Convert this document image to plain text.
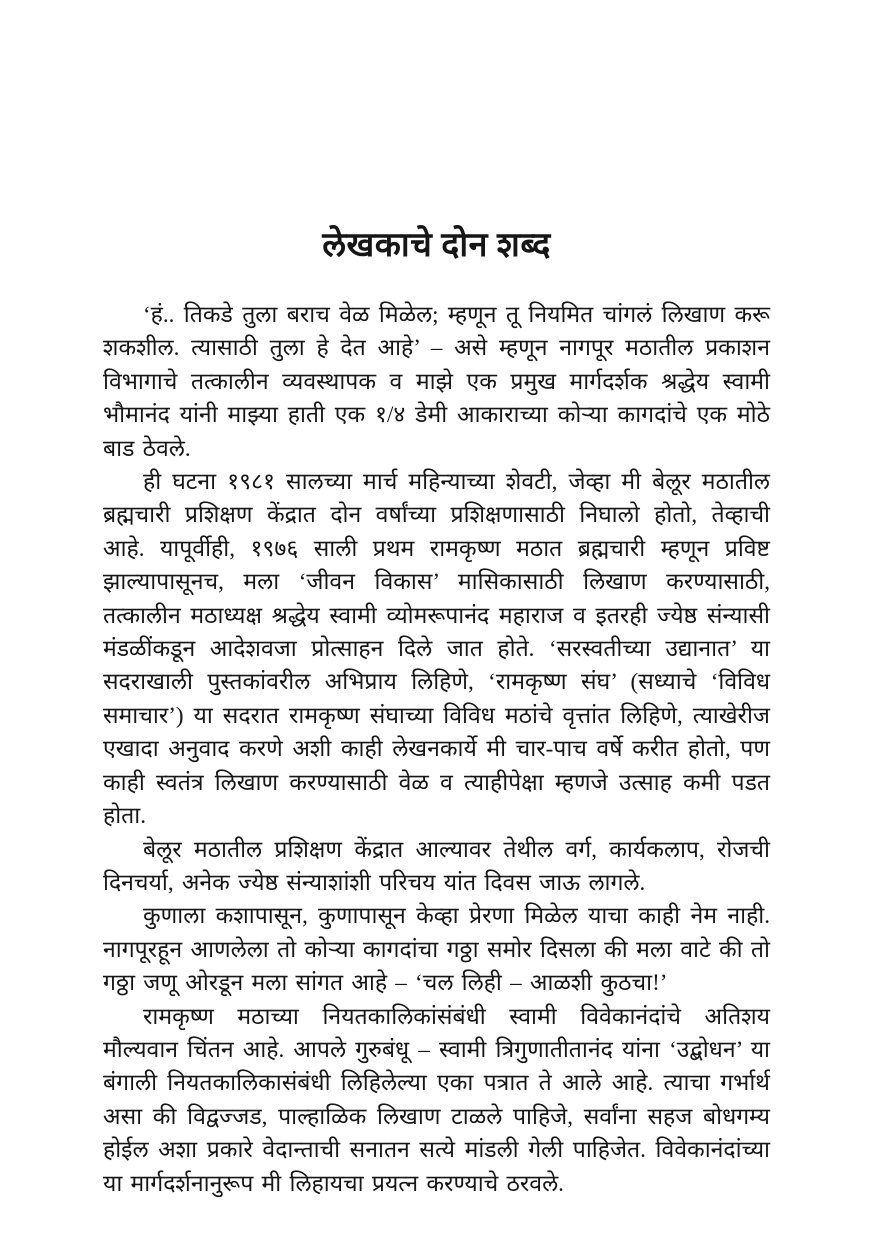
लेखकाचे दोन शब्द

‘हं.. तिकडे तुला बराच वेळ मिळेल; म्हणून तू नियमित चांगलं लिखाण करू शकशील. त्यासाठी तुला हे देत आहे’ – असे म्हणून नागपूर मठातील प्रकाशन विभागाचे तत्कालीन व्यवस्थापक व माझे एक प्रमुख मार्गदर्शक श्रद्धेय स्वामी भौमानंद यांनी माझ्या हाती एक १/४ डेमी आकाराच्या कोऱ्या कागदांचे एक मोठे बाड ठेवले.

ही घटना १९८१ सालच्या मार्च महिन्याच्या शेवटी, जेव्हा मी बेलूर मठातील ब्रह्मचारी प्रशिक्षण केंद्रात दोन वर्षांच्या प्रशिक्षणासाठी निघालो होतो, तेव्हाची आहे. यापूर्वीही, १९७६ साली प्रथम रामकृष्ण मठात ब्रह्मचारी म्हणून प्रविष्ट झाल्यापासूनच, मला ‘जीवन विकास’ मासिकासाठी लिखाण करण्यासाठी, तत्कालीन मठाध्यक्ष श्रद्धेय स्वामी व्योमरूपानंद महाराज व इतरही ज्येष्ठ संन्यासी मंडळींकडून आदेशवजा प्रोत्साहन दिले जात होते. ‘सरस्वतीच्या उद्यानात’ या सदराखाली पुस्तकांवरील अभिप्राय लिहिणे, ‘रामकृष्ण संघ’ (सध्याचे ‘विविध समाचार’) या सदरात रामकृष्ण संघाच्या विविध मठांचे वृत्तांत लिहिणे, त्याखेरीज एखादा अनुवाद करणे अशी काही लेखनकार्ये मी चार-पाच वर्षे करीत होतो, पण काही स्वतंत्र लिखाण करण्यासाठी वेळ व त्याहीपेक्षा म्हणजे उत्साह कमी पडत होता.

बेलूर मठातील प्रशिक्षण केंद्रात आल्यावर तेथील वर्ग, कार्यकलाप, रोजची दिनचर्या, अनेक ज्येष्ठ संन्याशांशी परिचय यांत दिवस जाऊ लागले.

कुणाला कशापासून, कुणापासून केव्हा प्रेरणा मिळेल याचा काही नेम नाही. नागपूरहून आणलेला तो कोऱ्या कागदांचा गठ्ठा समोर दिसला की मला वाटे की तो गठ्ठा जणू ओरडून मला सांगत आहे – ‘चल लिही – आळशी कुठचा!’

रामकृष्ण मठाच्या नियतकालिकांसंबंधी स्वामी विवेकानंदांचे अतिशय मौल्यवान चिंतन आहे. आपले गुरुबंधू – स्वामी त्रिगुणातीतानंद यांना ‘उद्बोधन’ या बंगाली नियतकालिकासंबंधी लिहिलेल्या एका पत्रात ते आले आहे. त्याचा गर्भार्थ असा की विद्वज्जड, पाल्हाळिक लिखाण टाळले पाहिजे, सर्वांना सहज बोधगम्य होईल अशा प्रकारे वेदान्ताची सनातन सत्ये मांडली गेली पाहिजेत. विवेकानंदांच्या या मार्गदर्शनानुरूप मी लिहायचा प्रयत्न करण्याचे ठरवले.
